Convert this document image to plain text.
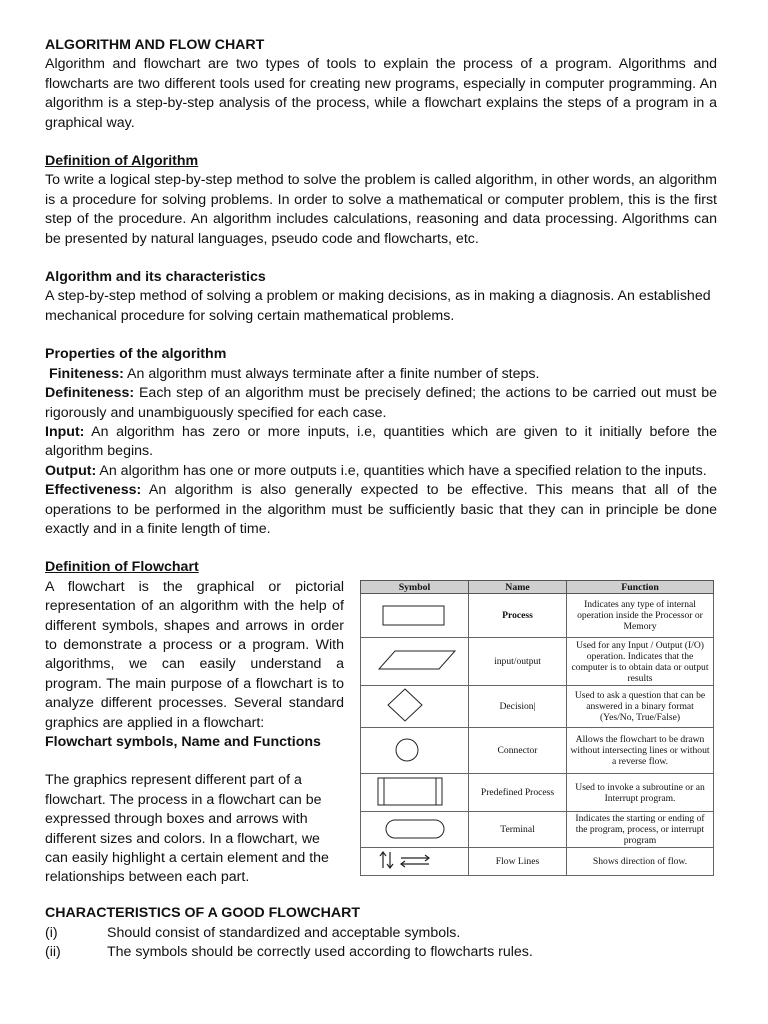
ALGORITHM AND FLOW CHART

Algorithm and flowchart are two types of tools to explain the process of a program. Algorithms and flowcharts are two different tools used for creating new programs, especially in computer programming. An algorithm is a step-by-step analysis of the process, while a flowchart explains the steps of a program in a graphical way.

Definition of Algorithm

To write a logical step-by-step method to solve the problem is called algorithm, in other words, an algorithm is a procedure for solving problems. In order to solve a mathematical or computer problem, this is the first step of the procedure. An algorithm includes calculations, reasoning and data processing. Algorithms can be presented by natural languages, pseudo code and flowcharts, etc.

Algorithm and its characteristics

A step-by-step method of solving a problem or making decisions, as in making a diagnosis. An established mechanical procedure for solving certain mathematical problems.

Properties of the algorithm

Finiteness: An algorithm must always terminate after a finite number of steps.

Definiteness: Each step of an algorithm must be precisely defined; the actions to be carried out must be rigorously and unambiguously specified for each case.

Input: An algorithm has zero or more inputs, i.e, quantities which are given to it initially before the algorithm begins.

Output: An algorithm has one or more outputs i.e, quantities which have a specified relation to the inputs.

Effectiveness: An algorithm is also generally expected to be effective. This means that all of the operations to be performed in the algorithm must be sufficiently basic that they can in principle be done exactly and in a finite length of time.

Definition of Flowchart

A flowchart is the graphical or pictorial representation of an algorithm with the help of different symbols, shapes and arrows in order to demonstrate a process or a program. With algorithms, we can easily understand a program. The main purpose of a flowchart is to analyze different processes. Several standard graphics are applied in a flowchart:

Flowchart symbols, Name and Functions

The graphics represent different part of a flowchart. The process in a flowchart can be expressed through boxes and arrows with different sizes and colors. In a flowchart, we can easily highlight a certain element and the relationships between each part.

Symbol	Name	Function
	Process	Indicates any type of internal operation inside the Processor or Memory
	input/output	Used for any Input / Output (I/O) operation. Indicates that the computer is to obtain data or output results
	Decision|	Used to ask a question that can be answered in a binary format (Yes/No, True/False)
	Connector	Allows the flowchart to be drawn without intersecting lines or without a reverse flow.
	Predefined Process	Used to invoke a subroutine or an Interrupt program.
	Terminal	Indicates the starting or ending of the program, process, or interrupt program
	Flow Lines	Shows direction of flow.

CHARACTERISTICS OF A GOOD FLOWCHART

(i)	Should consist of standardized and acceptable symbols.
(ii)	The symbols should be correctly used according to flowcharts rules.
